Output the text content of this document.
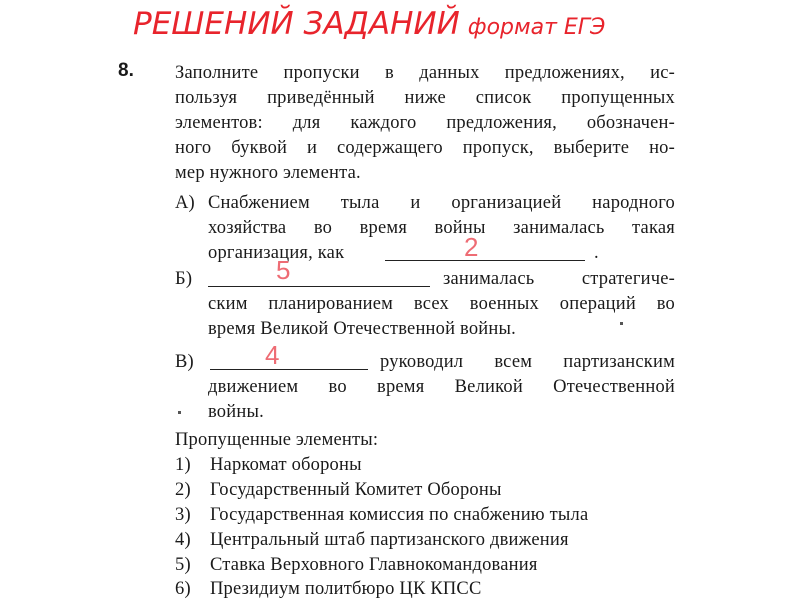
РЕШЕНИЙ ЗАДАНИЙ формат ЕГЭ
8. Заполните пропуски в данных предложениях, ис-
пользуя приведённый ниже список пропущенных
элементов: для каждого предложения, обозначен-
ного буквой и содержащего пропуск, выберите но-
мер нужного элемента.
А) Снабжением тыла и организацией народного
хозяйства во время войны занималась такая
организация, как	.
2
Б)	занималась стратегиче-
ским планированием всех военных операций во
время Великой Отечественной войны.
5
В)	руководил всем партизанским
движением во время Великой Отечественной
войны.
4
Пропущенные элементы:
1) Наркомат обороны
2) Государственный Комитет Обороны
3) Государственная комиссия по снабжению тыла
4) Центральный штаб партизанского движения
5) Ставка Верховного Главнокомандования
6) Президиум политбюро ЦК КПСС
